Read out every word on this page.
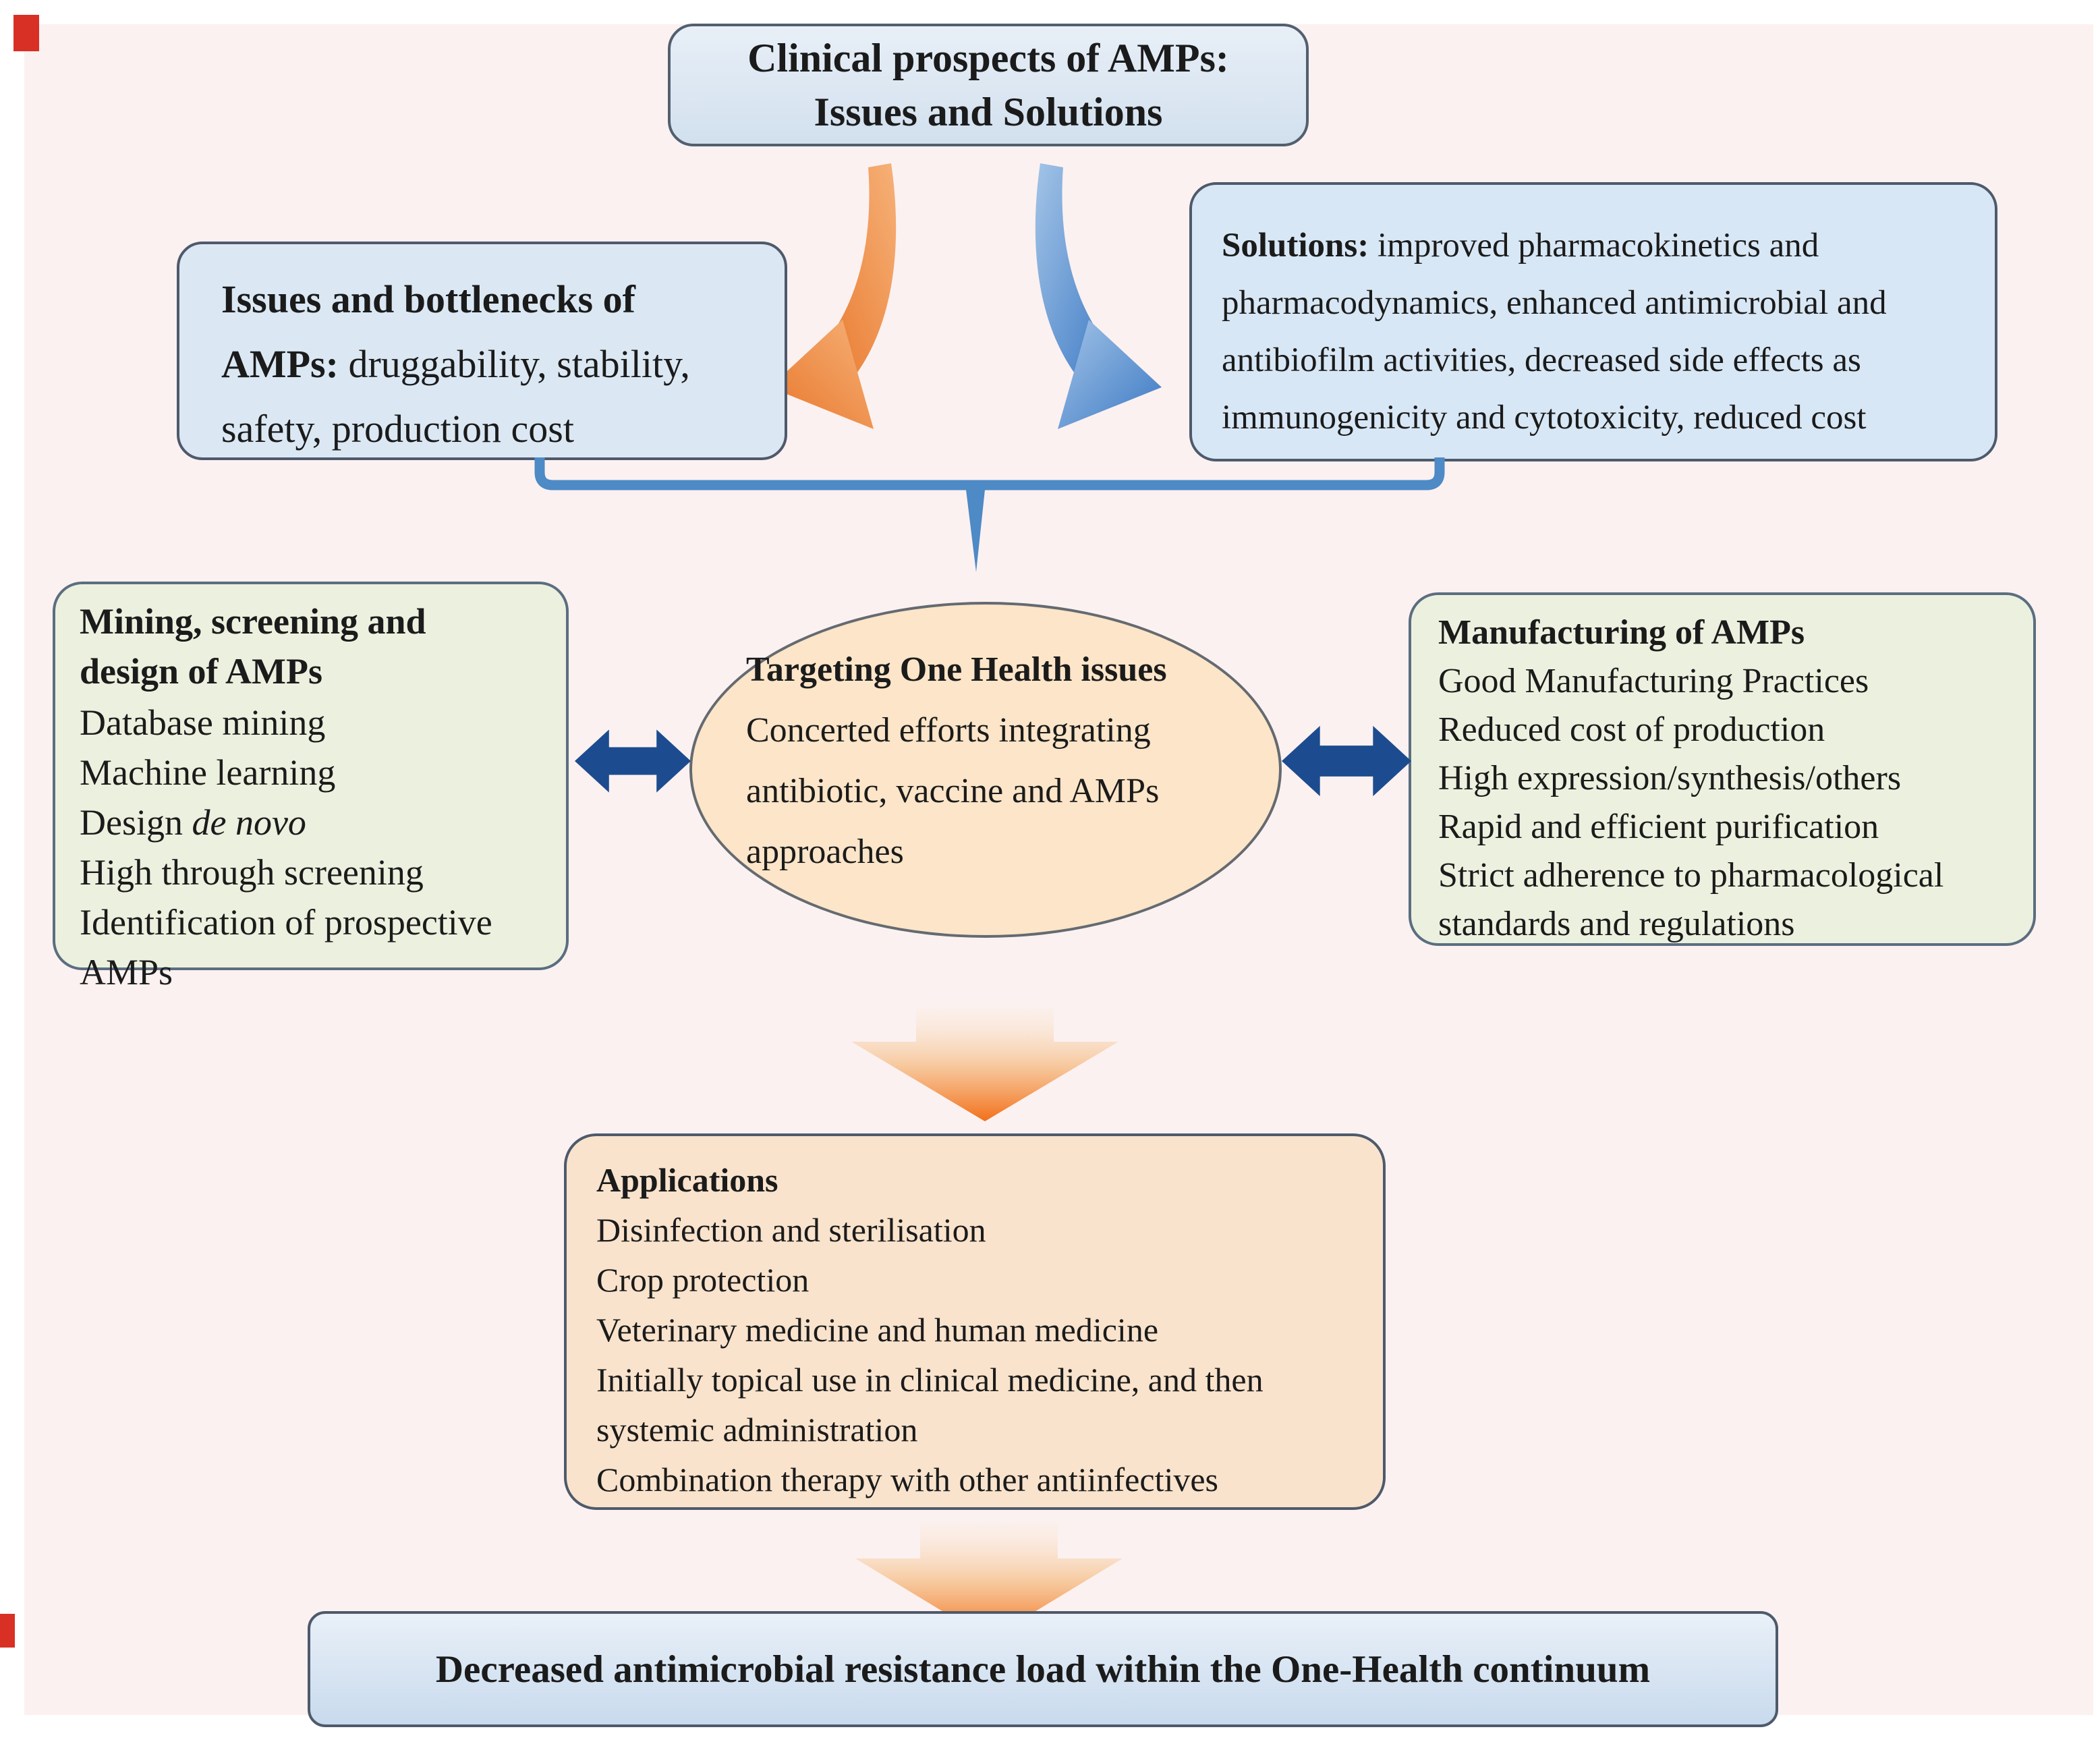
Clinical prospects of AMPs:
Issues and Solutions

Issues and bottlenecks of AMPs: druggability, stability, safety, production cost

Solutions: improved pharmacokinetics and pharmacodynamics, enhanced antimicrobial and antibiofilm activities, decreased side effects as immunogenicity and cytotoxicity, reduced cost

Mining, screening and design of AMPs
Database mining
Machine learning
Design de novo
High through screening
Identification of prospective AMPs
Targeting One Health issues
Concerted efforts integrating antibiotic, vaccine and AMPs approaches
Manufacturing of AMPs
Good Manufacturing Practices
Reduced cost of production
High expression/synthesis/others
Rapid and efficient purification
Strict adherence to pharmacological standards and regulations
Applications
Disinfection and sterilisation
Crop protection
Veterinary medicine and human medicine
Initially topical use in clinical medicine, and then systemic administration
Combination therapy with other antiinfectives
Decreased antimicrobial resistance load within the One-Health continuum
